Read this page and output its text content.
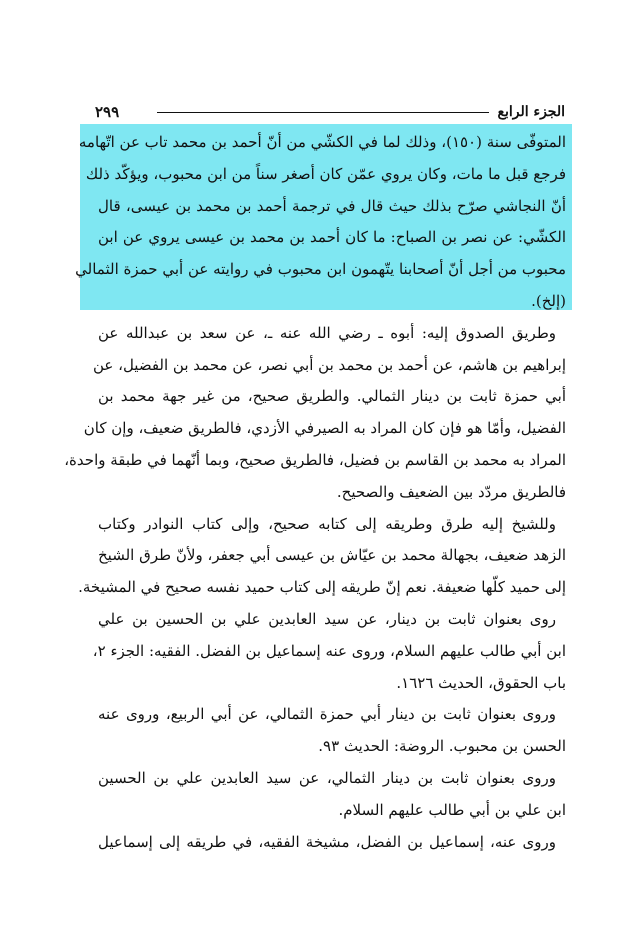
الجزء الرابع
٢٩٩
المتوفّى سنة (١٥٠)، وذلك لما في الكشّي من أنّ أحمد بن محمد تاب عن اتّهامه
فرجع قبل ما مات، وكان يروي عمّن كان أصغر سناً من ابن محبوب، ويؤكّد ذلك
أنّ النجاشي صرّح بذلك حيث قال في ترجمة أحمد بن محمد بن عيسى، قال
الكشّي: عن نصر بن الصباح: ما كان أحمد بن محمد بن عيسى يروي عن ابن
محبوب من أجل أنّ أصحابنا يتّهمون ابن محبوب في روايته عن أبي حمزة الثمالي
(إلخ).
وطريق الصدوق إليه: أبوه ـ رضي الله عنه ـ، عن سعد بن عبدالله عن
إبراهيم بن هاشم، عن أحمد بن محمد بن أبي نصر، عن محمد بن الفضيل، عن
أبي حمزة ثابت بن دينار الثمالي. والطريق صحيح، من غير جهة محمد بن
الفضيل، وأمّا هو فإن كان المراد به الصيرفي الأزدي، فالطريق ضعيف، وإن كان
المراد به محمد بن القاسم بن فضيل، فالطريق صحيح، وبما أنّهما في طبقة واحدة،
فالطريق مردّد بين الضعيف والصحيح.
وللشيخ إليه طرق وطريقه إلى كتابه صحيح، وإلى كتاب النوادر وكتاب
الزهد ضعيف، بجهالة محمد بن عيّاش بن عيسى أبي جعفر، ولأنّ طرق الشيخ
إلى حميد كلّها ضعيفة. نعم إنّ طريقه إلى كتاب حميد نفسه صحيح في المشيخة.
روى بعنوان ثابت بن دينار، عن سيد العابدين علي بن الحسين بن علي
ابن أبي طالب عليهم السلام، وروى عنه إسماعيل بن الفضل. الفقيه: الجزء ٢،
باب الحقوق، الحديث ١٦٢٦.
وروى بعنوان ثابت بن دينار أبي حمزة الثمالي، عن أبي الربيع، وروى عنه
الحسن بن محبوب. الروضة: الحديث ٩٣.
وروى بعنوان ثابت بن دينار الثمالي، عن سيد العابدين علي بن الحسين
ابن علي بن أبي طالب عليهم السلام.
وروى عنه، إسماعيل بن الفضل، مشيخة الفقيه، في طريقه إلى إسماعيل
